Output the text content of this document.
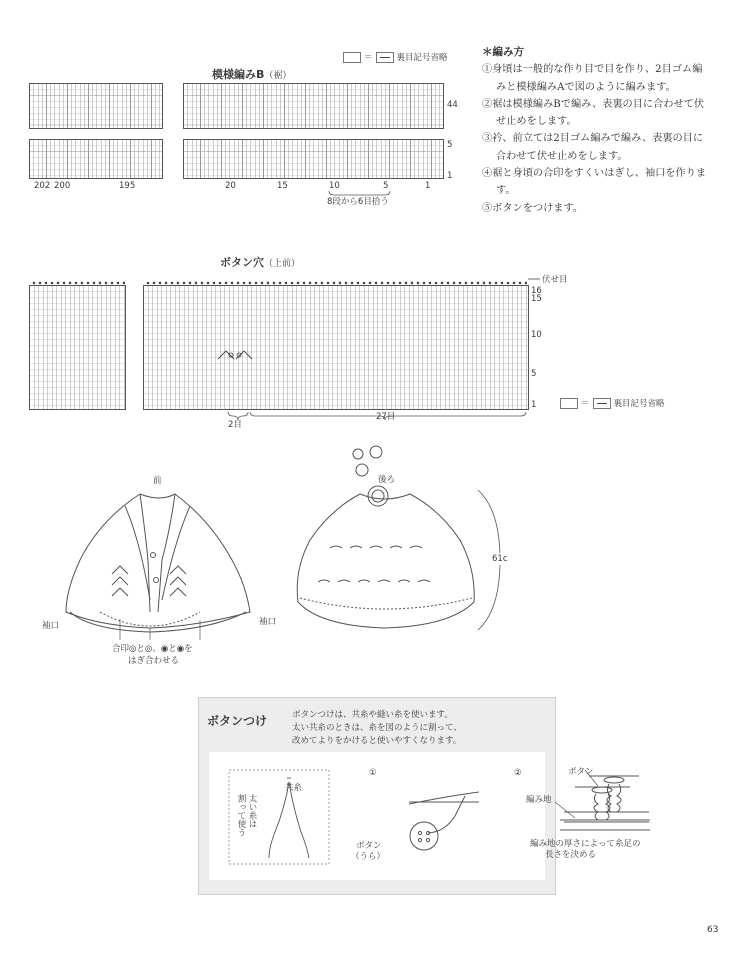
＝	裏目記号省略
模様編みB（裾）
44
5
1
202 200	195	20	15	10	5	1
8段から6目拾う
＊編み方

①身頃は一般的な作り目で目を作り、2目ゴム編みと模様編みAで図のように編みます。

②裾は模様編みBで編み、表裏の目に合わせて伏せ止めをします。

③衿、前立ては2目ゴム編みで編み、表裏の目に合わせて伏せ止めをします。

④裾と身頃の合印をすくいはぎし、袖口を作ります。

⑤ボタンをつけます。

ボタン穴（上前）
伏せ目
16
15
10
5
1
2目
27目
＝	裏目記号省略
前
袖口	袖口
合印◎と◎、◉と◉を
はぎ合わせる
後ろ
61c
ボタンつけ	ボタンつけは、共糸や縫い糸を使います。
太い共糸のときは、糸を図のように割って、
改めてよりをかけると使いやすくなります。
共糸
太い糸は
割って使う
①
ボタン
（うら）
②	ボタン
編み地
編み地の厚さによって糸足の
長さを決める
63
